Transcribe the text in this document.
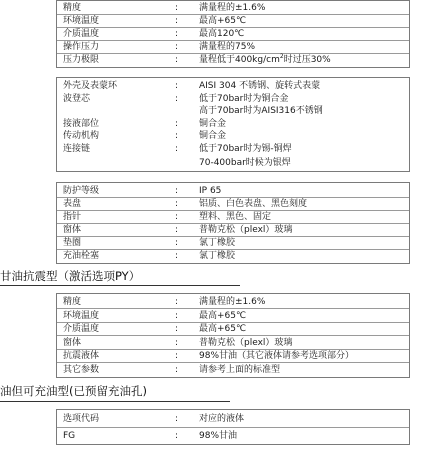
精度	: 满量程的±1.6%
环境温度	: 最高+65℃
介质温度	: 最高120℃
操作压力	: 满量程的75%
压力极限	: 量程低于$400kg/cm^2$时过压30%
外壳及表蒙环	: AISI 304 不锈钢、旋转式表蒙
波登芯	: 低于70bar时为铜合金
高于70bar时为AISI316不锈钢
接液部位	: 铜合金
传动机构	: 铜合金
连接链	: 低于70bar时为锡-铜焊
70-400bar时候为银焊
防护等级	: IP 65
表盘	: 铝质、白色表盘、黑色刻度
指针	: 塑料、黑色、固定
窗体	: 普勒克松（plexl）玻璃
垫圈	: 氯丁橡胶
充油栓塞	: 氯丁橡胶
甘油抗震型（激活选项PY）
精度	: 满量程的±1.6%
环境温度	: 最高+65℃
介质温度	: 最高+65℃
窗体	: 普勒克松（plexl）玻璃
抗震液体	: 98%甘油（其它液体请参考选项部分）
其它参数	: 请参考上面的标准型
油但可充油型(已预留充油孔)
选项代码	: 对应的液体
FG	: 98%甘油
